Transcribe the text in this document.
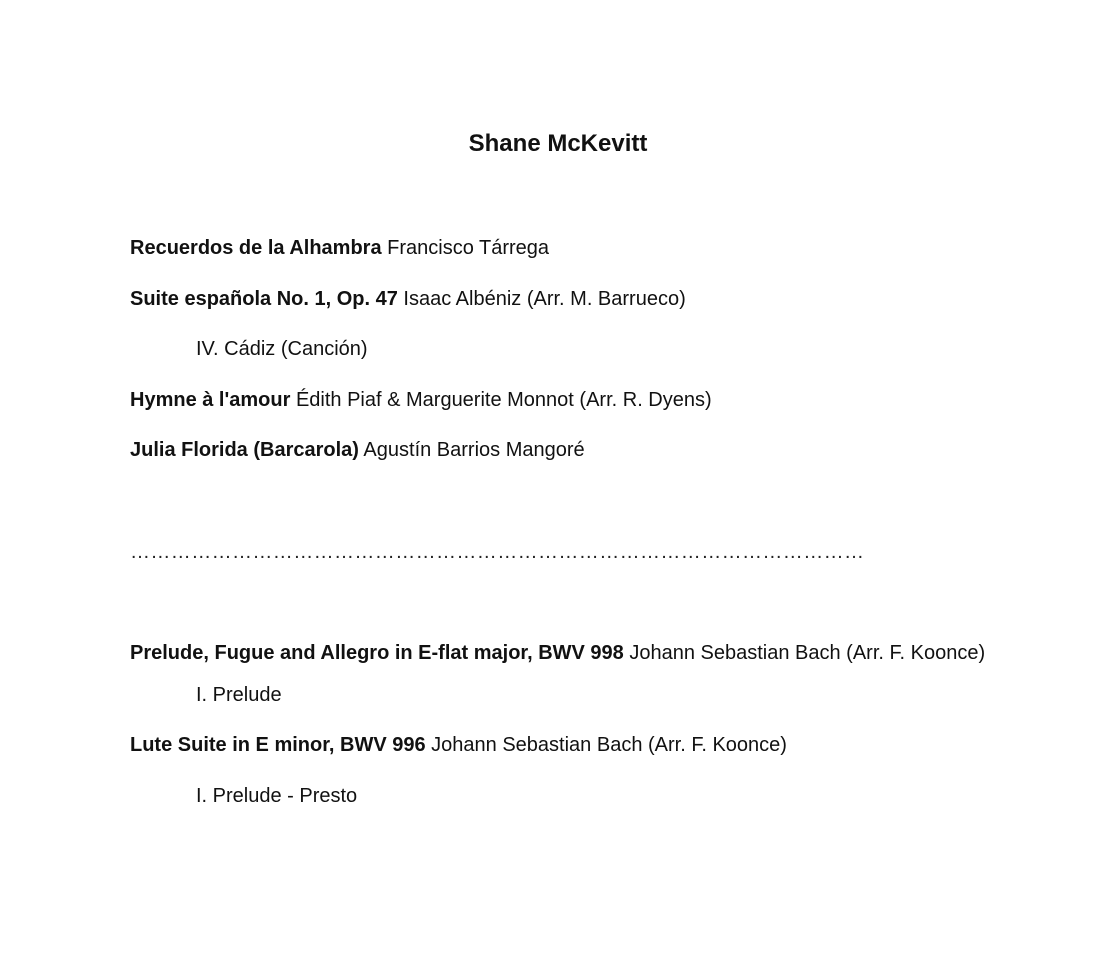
Shane McKevitt
Recuerdos de la Alhambra Francisco Tárrega
Suite española No. 1, Op. 47 Isaac Albéniz (Arr. M. Barrueco)
IV. Cádiz (Canción)
Hymne à l'amour Édith Piaf & Marguerite Monnot (Arr. R. Dyens)
Julia Florida (Barcarola) Agustín Barrios Mangoré
………………………………………………………………………………………………
Prelude, Fugue and Allegro in E-flat major, BWV 998 Johann Sebastian Bach (Arr. F. Koonce)
I. Prelude
Lute Suite in E minor, BWV 996 Johann Sebastian Bach (Arr. F. Koonce)
I. Prelude - Presto
